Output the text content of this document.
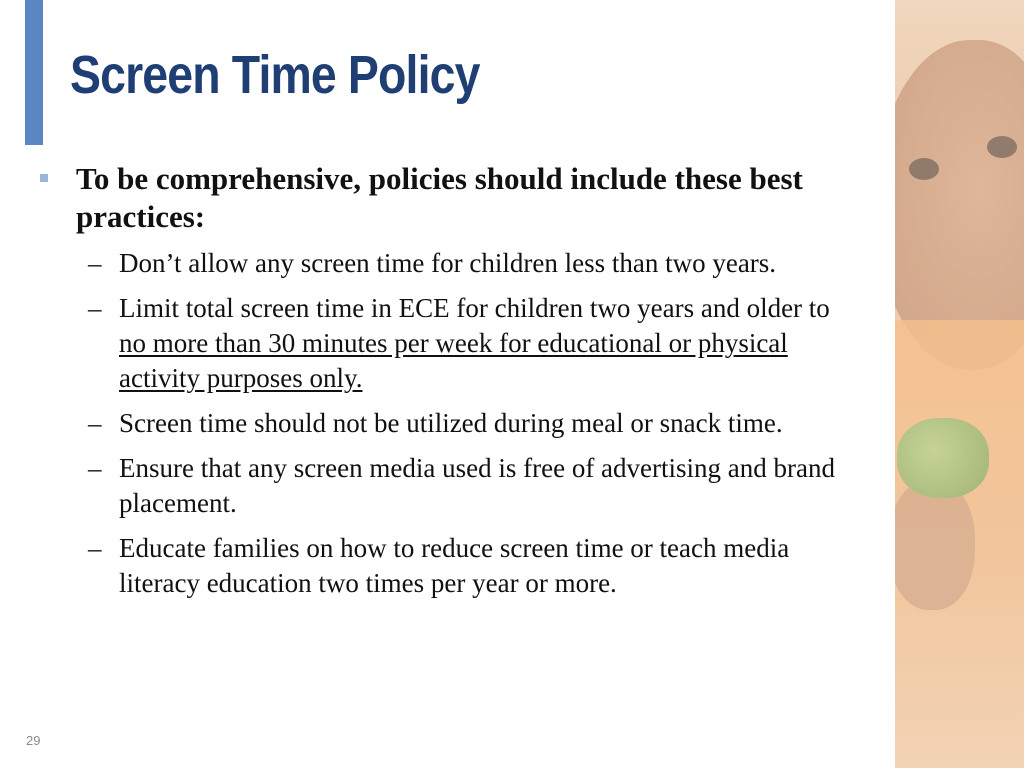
Screen Time Policy

To be comprehensive, policies should include these best practices:

– Don’t allow any screen time for children less than two years.
– Limit total screen time in ECE for children two years and older to no more than 30 minutes per week for educational or physical activity purposes only.
– Screen time should not be utilized during meal or snack time.
– Ensure that any screen media used is free of advertising and brand placement.
– Educate families on how to reduce screen time or teach media literacy education two times per year or more.
29
